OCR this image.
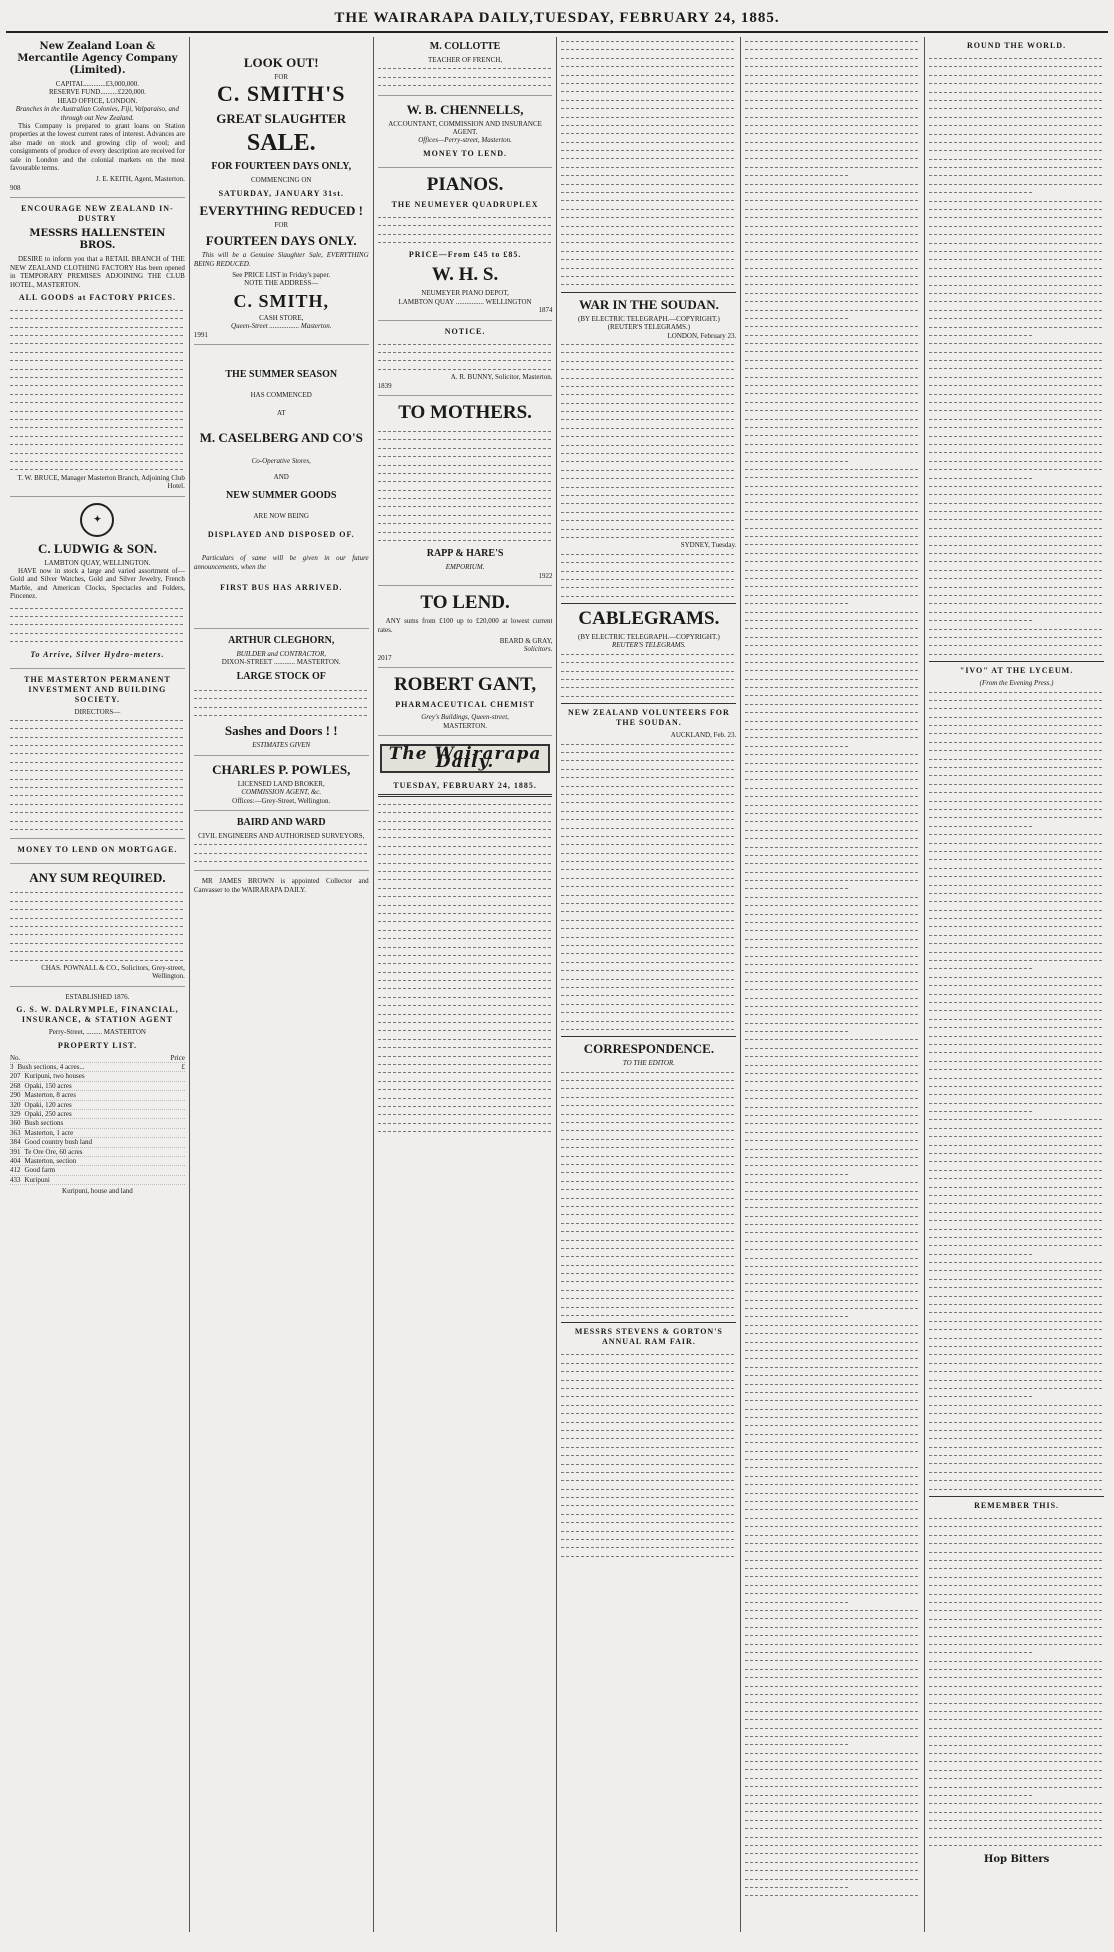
THE WAIRARAPA DAILY,TUESDAY, FEBRUARY 24, 1885.
New Zealand Loan & Mercantile Agency Company (Limited).
CAPITAL............£3,000,000.
RESERVE FUND..........£220,000.
HEAD OFFICE, LONDON.
Branches in the Australian Colonies, Fiji, Valparaiso, and through out New Zealand.

This Company is prepared to grant loans on Station properties at the lowest current rates of interest. Advances are also made on stock and growing clip of wool; and consignments of produce of every description are received for sale in London and the colonial markets on the most favourable terms.

J. E. KEITH, Agent, Masterton.
908
ENCOURAGE NEW ZEALAND IN-DUSTRY
MESSRS HALLENSTEIN BROS.

DESIRE to inform you that a RETAIL BRANCH of THE NEW ZEALAND CLOTHING FACTORY Has been opened in TEMPORARY PREMISES ADJOINING THE CLUB HOTEL, MASTERTON.

ALL GOODS at FACTORY PRICES.
T. W. BRUCE, Manager Masterton Branch, Adjoining Club Hotel.
✦
C. LUDWIG & SON.
LAMBTON QUAY, WELLINGTON.

HAVE now in stock a large and varied assortment of— Gold and Silver Watches, Gold and Silver Jewelry, French Marble, and American Clocks, Spectacles and Folders, Pincenez.

To Arrive, Silver Hydro-meters.
THE MASTERTON PERMANENT INVESTMENT AND BUILDING SOCIETY.
DIRECTORS—
MONEY TO LEND ON MORTGAGE.
ANY SUM REQUIRED.
CHAS. POWNALL & CO., Solicitors, Grey-street, Wellington.
ESTABLISHED 1876.
G. S. W. DALRYMPLE, FINANCIAL, INSURANCE, & STATION AGENT
Perry-Street, ......... MASTERTON
PROPERTY LIST.
No.	Price
3 Bush sections, 4 acres...	£
207 Kuripuni, two houses
268 Opaki, 150 acres
290 Masterton, 8 acres
320 Opaki, 120 acres
329 Opaki, 250 acres
360 Bush sections
363 Masterton, 1 acre
384 Good country bush land
391 Te Ore Ore, 60 acres
404 Masterton, section
412 Good farm
433 Kuripuni
Kuripuni, house and land
LOOK OUT!
FOR
C. SMITH'S
GREAT SLAUGHTER
SALE.
FOR FOURTEEN DAYS ONLY,
COMMENCING ON
SATURDAY, JANUARY 31st.
EVERYTHING REDUCED !
FOR
FOURTEEN DAYS ONLY.

This will be a Genuine Slaughter Sale, EVERYTHING BEING REDUCED.

See PRICE LIST in Friday's paper.
NOTE THE ADDRESS—
C. SMITH,
CASH STORE,
Queen-Street ................. Masterton.
1991
THE SUMMER SEASON
HAS COMMENCED
AT
M. CASELBERG AND CO'S
Co-Operative Stores,
AND
NEW SUMMER GOODS
ARE NOW BEING
DISPLAYED AND DISPOSED OF.

Particulars of same will be given in our future announcements, when the

FIRST BUS HAS ARRIVED.
ARTHUR CLEGHORN,
BUILDER and CONTRACTOR,
DIXON-STREET ............ MASTERTON.
LARGE STOCK OF
Sashes and Doors ! !
ESTIMATES GIVEN
CHARLES P. POWLES,
LICENSED LAND BROKER,
COMMISSION AGENT, &c.
Offices:—Grey-Street, Wellington.
BAIRD AND WARD
CIVIL ENGINEERS AND AUTHORISED SURVEYORS,

MR JAMES BROWN is appointed Collector and Canvasser to the WAIRARAPA DAILY.

M. COLLOTTE
TEACHER OF FRENCH,
W. B. CHENNELLS,
ACCOUNTANT, COMMISSION AND INSURANCE AGENT.
Offices—Perry-street, Masterton.
MONEY TO LEND.
PIANOS.
THE NEUMEYER QUADRUPLEX
PRICE—From £45 to £85.
W. H. S.
NEUMEYER PIANO DEPOT,
LAMBTON QUAY ................ WELLINGTON
1874
NOTICE.
A. R. BUNNY, Solicitor, Masterton.
1839
TO MOTHERS.
RAPP & HARE'S
EMPORIUM.
1922
TO LEND.

ANY sums from £100 up to £20,000 at lowest current rates.

BEARD & GRAY,
Solicitors.
2017
ROBERT GANT,
PHARMACEUTICAL CHEMIST
Grey's Buildings, Queen-street,
MASTERTON.
The Wairarapa Daily.
TUESDAY, FEBRUARY 24, 1885.
WAR IN THE SOUDAN.
(BY ELECTRIC TELEGRAPH.—COPYRIGHT.)
(REUTER'S TELEGRAMS.)
LONDON, February 23.
SYDNEY, Tuesday.
CABLEGRAMS.
(BY ELECTRIC TELEGRAPH.—COPYRIGHT.)
REUTER'S TELEGRAMS.
NEW ZEALAND VOLUNTEERS FOR THE SOUDAN.
AUCKLAND, Feb. 23.
CORRESPONDENCE.
TO THE EDITOR.
MESSRS STEVENS & GORTON'S ANNUAL RAM FAIR.
ROUND THE WORLD.
"IVO" AT THE LYCEUM.
(From the Evening Press.)
REMEMBER THIS.
Hop Bitters
